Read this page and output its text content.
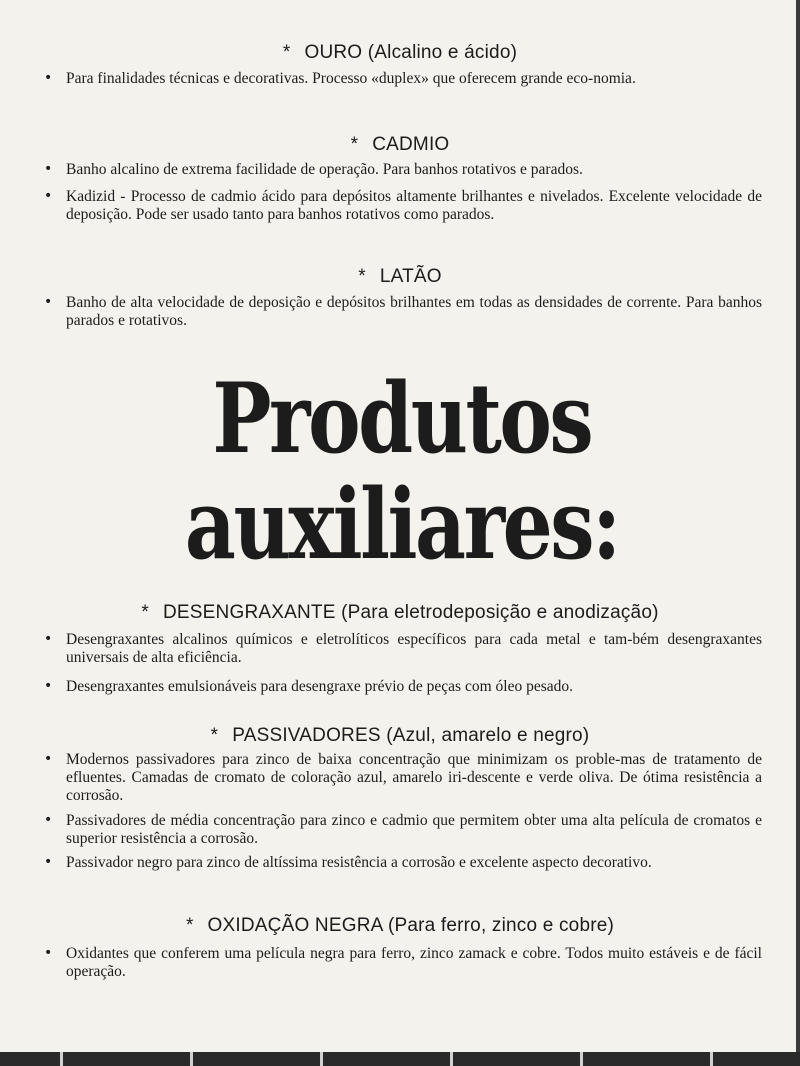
* OURO (Alcalino e ácido)
• Para finalidades técnicas e decorativas. Processo «duplex» que oferecem grande eco-nomia.
* CADMIO
• Banho alcalino de extrema facilidade de operação. Para banhos rotativos e parados.
• Kadizid - Processo de cadmio ácido para depósitos altamente brilhantes e nivelados. Excelente velocidade de deposição. Pode ser usado tanto para banhos rotativos como parados.
* LATÃO
• Banho de alta velocidade de deposição e depósitos brilhantes em todas as densidades de corrente. Para banhos parados e rotativos.
Produtos
auxiliares:
* DESENGRAXANTE (Para eletrodeposição e anodização)
• Desengraxantes alcalinos químicos e eletrolíticos específicos para cada metal e tam-bém desengraxantes universais de alta eficiência.
• Desengraxantes emulsionáveis para desengraxe prévio de peças com óleo pesado.
* PASSIVADORES (Azul, amarelo e negro)
• Modernos passivadores para zinco de baixa concentração que minimizam os proble-mas de tratamento de efluentes. Camadas de cromato de coloração azul, amarelo iri-descente e verde oliva. De ótima resistência a corrosão.
• Passivadores de média concentração para zinco e cadmio que permitem obter uma alta película de cromatos e superior resistência a corrosão.
• Passivador negro para zinco de altíssima resistência a corrosão e excelente aspecto decorativo.
* OXIDAÇÃO NEGRA (Para ferro, zinco e cobre)
• Oxidantes que conferem uma película negra para ferro, zinco zamack e cobre. Todos muito estáveis e de fácil operação.
